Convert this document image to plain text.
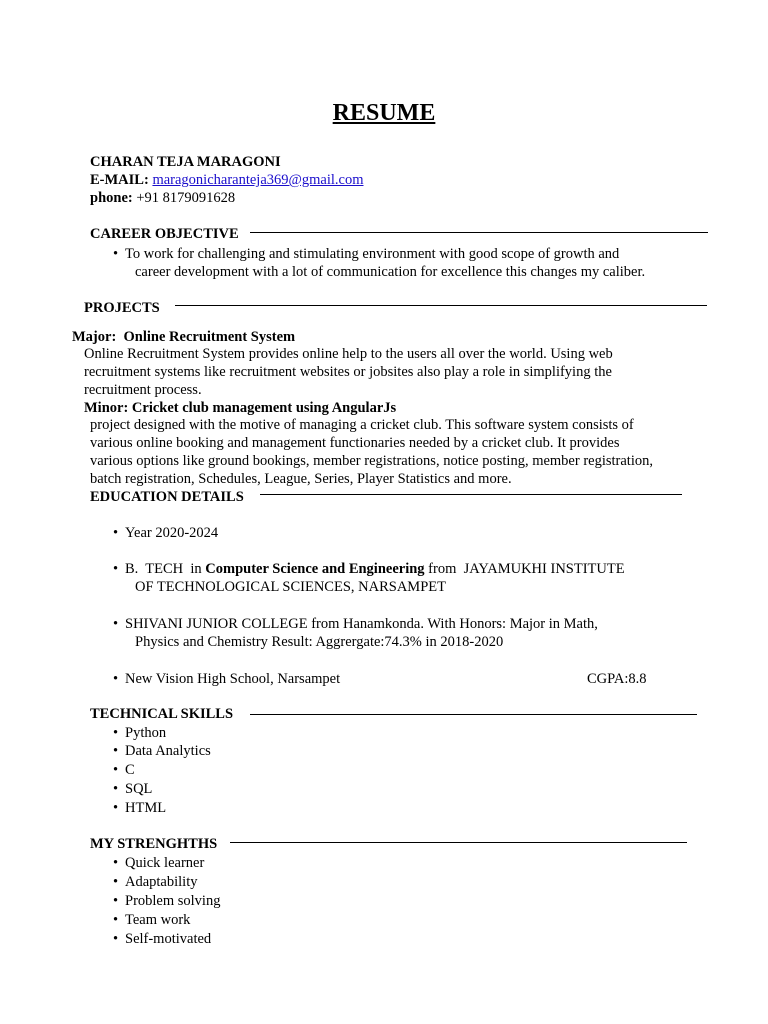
RESUME
CHARAN TEJA MARAGONI
E-MAIL: maragonicharanteja369@gmail.com
phone: +91 8179091628
CAREER OBJECTIVE
• To work for challenging and stimulating environment with good scope of growth and
career development with a lot of communication for excellence this changes my caliber.
PROJECTS
Major: Online Recruitment System
Online Recruitment System provides online help to the users all over the world. Using web
recruitment systems like recruitment websites or jobsites also play a role in simplifying the
recruitment process.
Minor: Cricket club management using AngularJs
project designed with the motive of managing a cricket club. This software system consists of
various online booking and management functionaries needed by a cricket club. It provides
various options like ground bookings, member registrations, notice posting, member registration,
batch registration, Schedules, League, Series, Player Statistics and more.
EDUCATION DETAILS
• Year 2020-2024
• B.  TECH  in Computer Science and Engineering from  JAYAMUKHI INSTITUTE
OF TECHNOLOGICAL SCIENCES, NARSAMPET
• SHIVANI JUNIOR COLLEGE from Hanamkonda. With Honors: Major in Math,
Physics and Chemistry Result: Aggrergate:74.3% in 2018-2020
• New Vision High School, Narsampet	CGPA:8.8
TECHNICAL SKILLS
• Python
• Data Analytics
• C
• SQL
• HTML
MY STRENGHTHS
• Quick learner
• Adaptability
• Problem solving
• Team work
• Self-motivated
